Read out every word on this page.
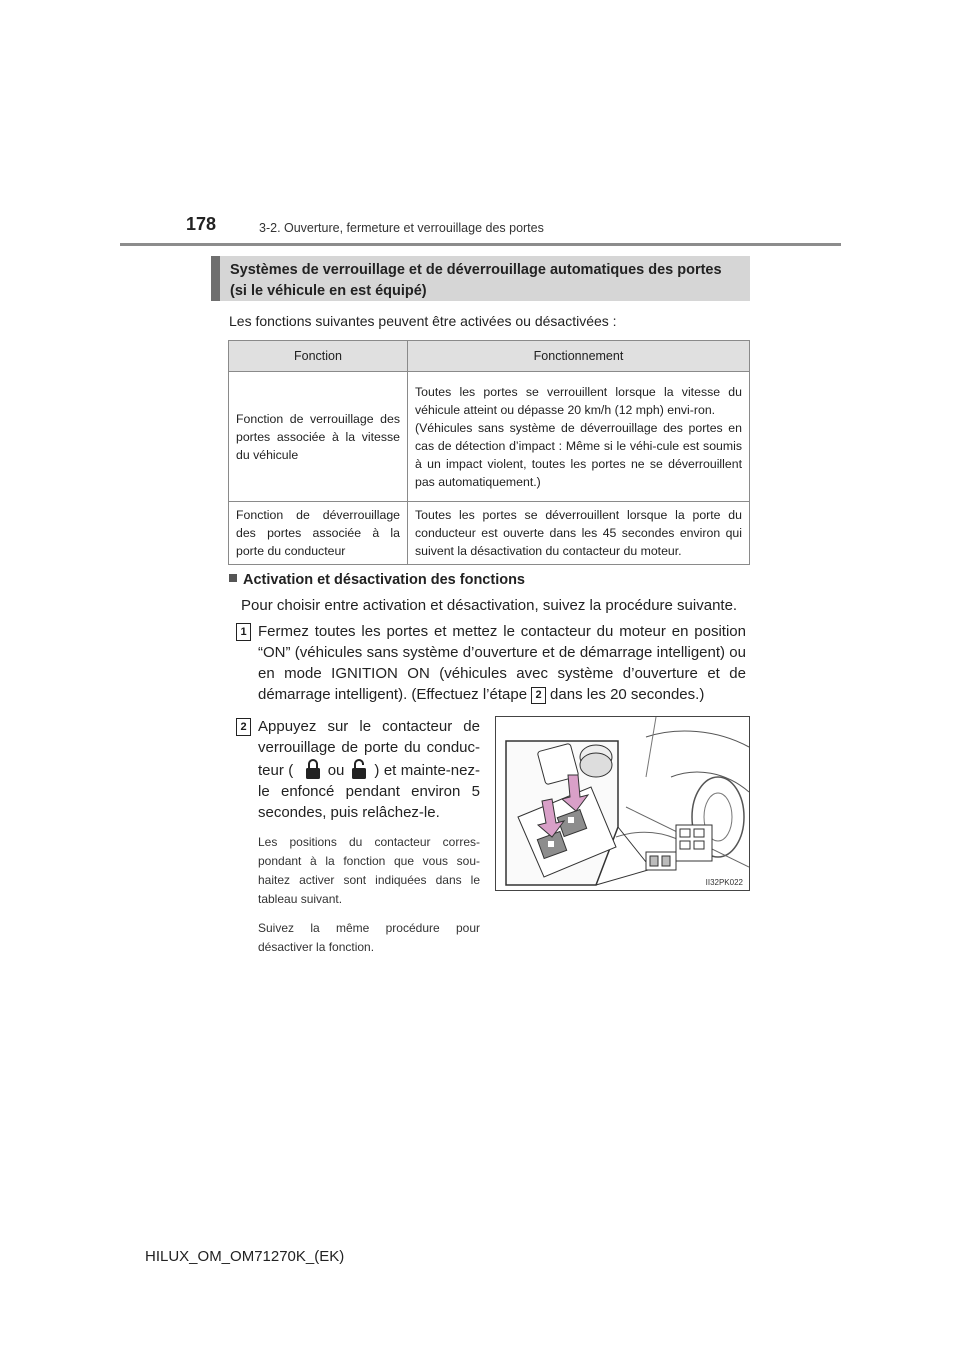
178	3-2. Ouverture, fermeture et verrouillage des portes
Systèmes de verrouillage et de déverrouillage automatiques des portes
(si le véhicule en est équipé)
Les fonctions suivantes peuvent être activées ou désactivées :
Fonction	Fonctionnement
Fonction de verrouillage des portes associée à la vitesse du véhicule	Toutes les portes se verrouillent lorsque la vitesse du véhicule atteint ou dépasse 20 km/h (12 mph) envi-ron.
(Véhicules sans système de déverrouillage des portes en cas de détection d’impact : Même si le véhi-cule est soumis à un impact violent, toutes les portes ne se déverrouillent pas automatiquement.)

Fonction de déverrouillage des portes associée à la porte du conducteur	Toutes les portes se déverrouillent lorsque la porte du conducteur est ouverte dans les 45 secondes environ qui suivent la désactivation du contacteur du moteur.
Activation et désactivation des fonctions
Pour choisir entre activation et désactivation, suivez la procédure suivante.
1 Fermez toutes les portes et mettez le contacteur du moteur en position “ON” (véhicules sans système d’ouverture et de démarrage intelligent) ou en mode IGNITION ON (véhicules avec système d’ouverture et de démarrage intelligent). (Effectuez l’étape 2 dans les 20 secondes.)
2 Appuyez sur le contacteur de verrouillage de porte du conduc-teur ( ou ) et mainte-nez-le enfoncé pendant environ 5 secondes, puis relâchez-le.
Les positions du contacteur corres-pondant à la fonction que vous sou-haitez activer sont indiquées dans le tableau suivant.
Suivez la même procédure pour désactiver la fonction.
II32PK022
HILUX_OM_OM71270K_(EK)
